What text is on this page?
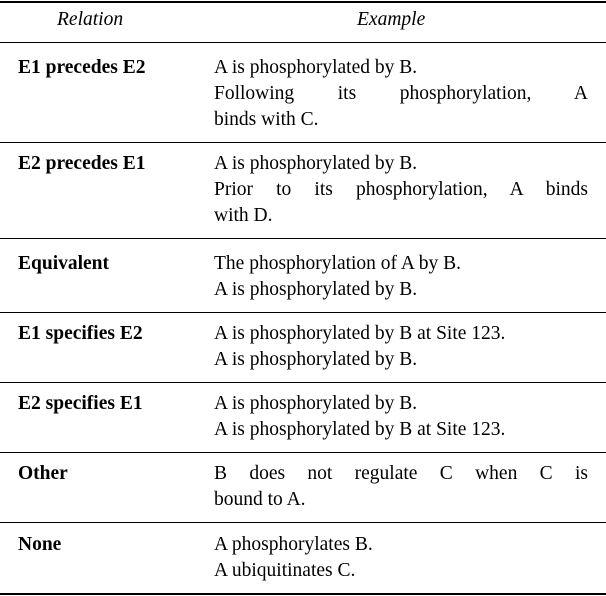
Relation	Example
E1 precedes E2	A is phosphorylated by B.
Following its phosphorylation, A
binds with C.
E2 precedes E1	A is phosphorylated by B.
Prior to its phosphorylation, A binds
with D.
Equivalent	The phosphorylation of A by B.
A is phosphorylated by B.
E1 specifies E2	A is phosphorylated by B at Site 123.
A is phosphorylated by B.
E2 specifies E1	A is phosphorylated by B.
A is phosphorylated by B at Site 123.
Other	B does not regulate C when C is
bound to A.
None	A phosphorylates B.
A ubiquitinates C.
